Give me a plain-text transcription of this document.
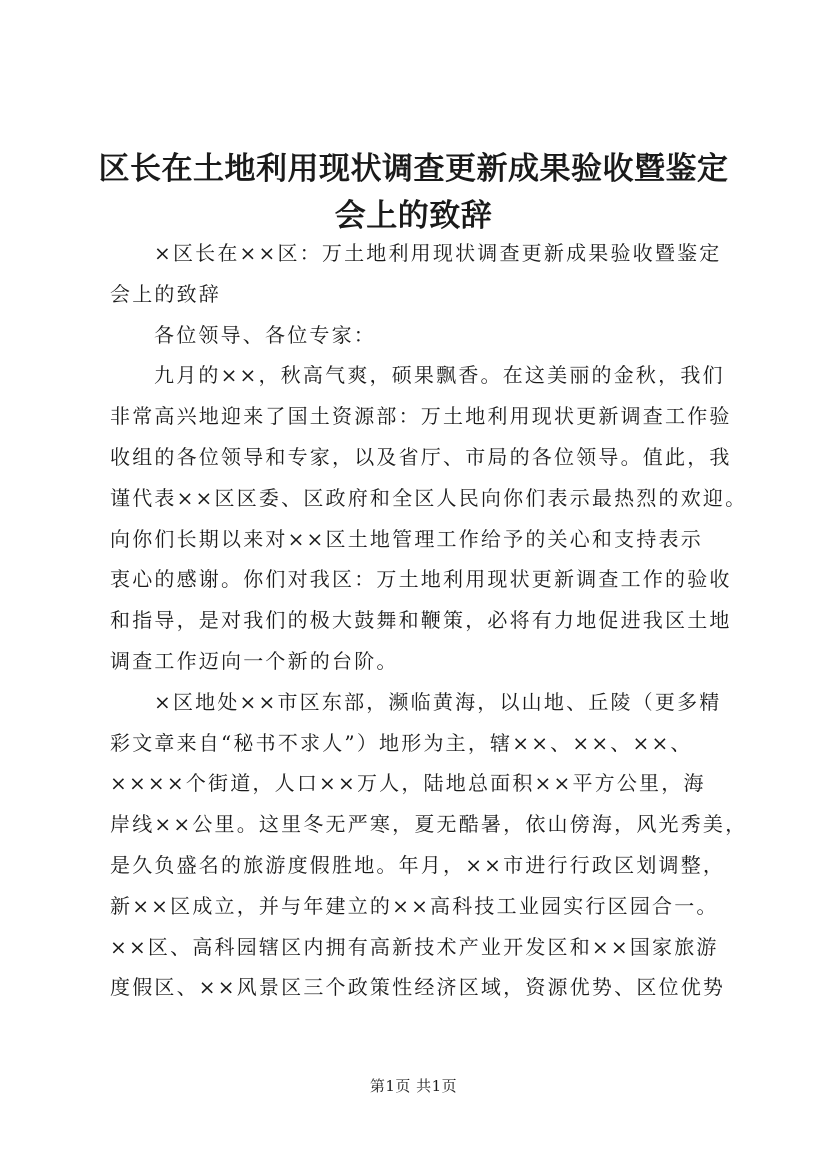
区长在土地利用现状调查更新成果验收暨鉴定
会上的致辞

×区长在××区：万土地利用现状调查更新成果验收暨鉴定
会上的致辞

各位领导、各位专家：

九月的××，秋高气爽，硕果飘香。在这美丽的金秋，我们
非常高兴地迎来了国土资源部：万土地利用现状更新调查工作验
收组的各位领导和专家，以及省厅、市局的各位领导。值此，我
谨代表××区区委、区政府和全区人民向你们表示最热烈的欢迎。
向你们长期以来对××区土地管理工作给予的关心和支持表示
衷心的感谢。你们对我区：万土地利用现状更新调查工作的验收
和指导，是对我们的极大鼓舞和鞭策，必将有力地促进我区土地
调查工作迈向一个新的台阶。

×区地处××市区东部，濒临黄海，以山地、丘陵（更多精
彩文章来自“秘书不求人”）地形为主，辖××、××、××、
××××个街道，人口××万人，陆地总面积××平方公里，海
岸线××公里。这里冬无严寒，夏无酷暑，依山傍海，风光秀美，
是久负盛名的旅游度假胜地。年月，××市进行行政区划调整，
新××区成立，并与年建立的××高科技工业园实行区园合一。
××区、高科园辖区内拥有高新技术产业开发区和××国家旅游
度假区、××风景区三个政策性经济区域，资源优势、区位优势

第1页 共1页
